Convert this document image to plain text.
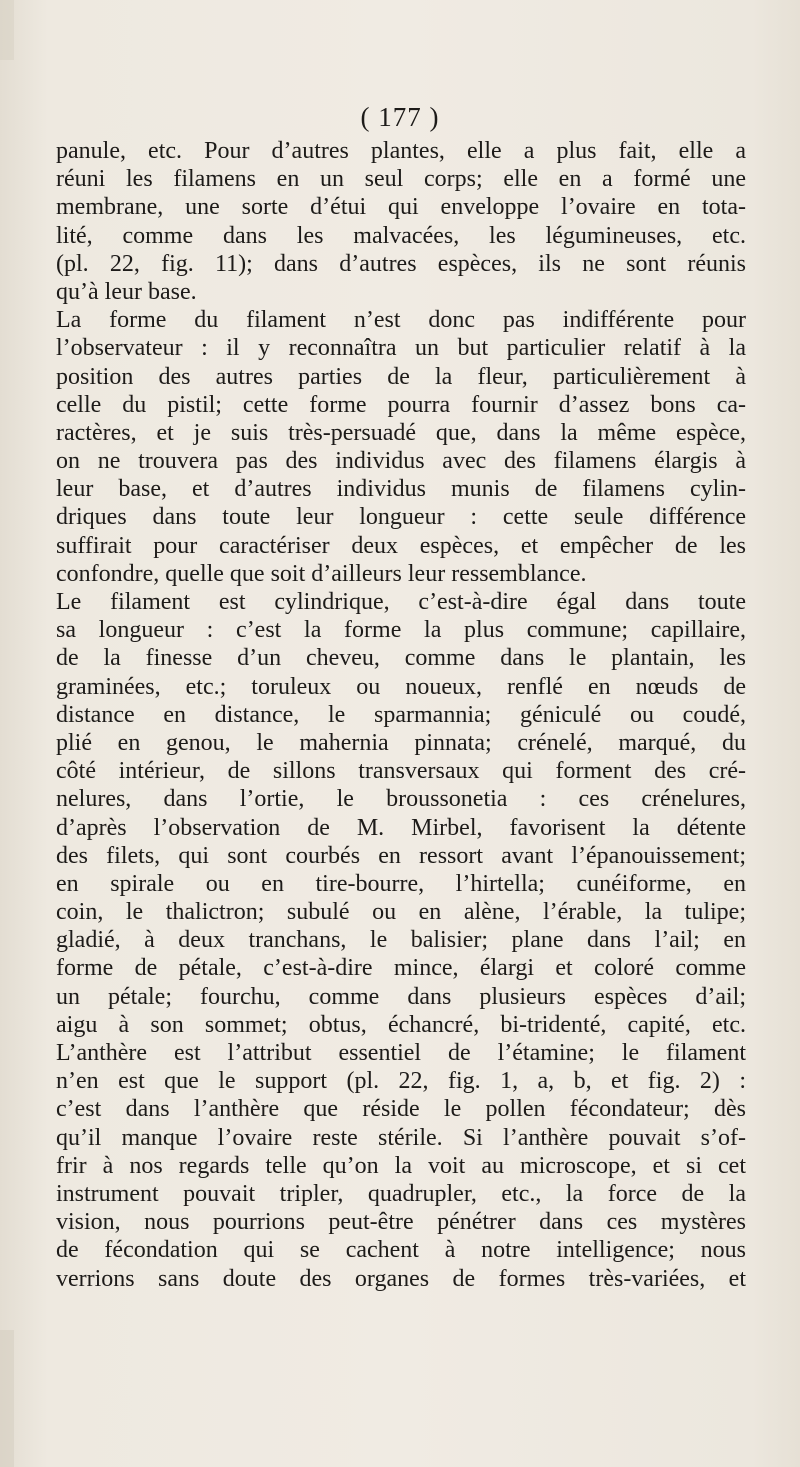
( 177 )
panule, etc. Pour d’autres plantes, elle a plus fait, elle a
réuni les filamens en un seul corps; elle en a formé une
membrane, une sorte d’étui qui enveloppe l’ovaire en tota-
lité, comme dans les malvacées, les légumineuses, etc.
(pl. 22, fig. 11); dans d’autres espèces, ils ne sont réunis
qu’à leur base.
La forme du filament n’est donc pas indifférente pour
l’observateur : il y reconnaîtra un but particulier relatif à la
position des autres parties de la fleur, particulièrement à
celle du pistil; cette forme pourra fournir d’assez bons ca-
ractères, et je suis très-persuadé que, dans la même espèce,
on ne trouvera pas des individus avec des filamens élargis à
leur base, et d’autres individus munis de filamens cylin-
driques dans toute leur longueur : cette seule différence
suffirait pour caractériser deux espèces, et empêcher de les
confondre, quelle que soit d’ailleurs leur ressemblance.
Le filament est cylindrique, c’est-à-dire égal dans toute
sa longueur : c’est la forme la plus commune; capillaire,
de la finesse d’un cheveu, comme dans le plantain, les
graminées, etc.; toruleux ou noueux, renflé en nœuds de
distance en distance, le sparmannia; géniculé ou coudé,
plié en genou, le mahernia pinnata; crénelé, marqué, du
côté intérieur, de sillons transversaux qui forment des cré-
nelures, dans l’ortie, le broussonetia : ces crénelures,
d’après l’observation de M. Mirbel, favorisent la détente
des filets, qui sont courbés en ressort avant l’épanouissement;
en spirale ou en tire-bourre, l’hirtella; cunéiforme, en
coin, le thalictron; subulé ou en alène, l’érable, la tulipe;
gladié, à deux tranchans, le balisier; plane dans l’ail; en
forme de pétale, c’est-à-dire mince, élargi et coloré comme
un pétale; fourchu, comme dans plusieurs espèces d’ail;
aigu à son sommet; obtus, échancré, bi-tridenté, capité, etc.
L’anthère est l’attribut essentiel de l’étamine; le filament
n’en est que le support (pl. 22, fig. 1, a, b, et fig. 2) :
c’est dans l’anthère que réside le pollen fécondateur; dès
qu’il manque l’ovaire reste stérile. Si l’anthère pouvait s’of-
frir à nos regards telle qu’on la voit au microscope, et si cet
instrument pouvait tripler, quadrupler, etc., la force de la
vision, nous pourrions peut-être pénétrer dans ces mystères
de fécondation qui se cachent à notre intelligence; nous
verrions sans doute des organes de formes très-variées, et
